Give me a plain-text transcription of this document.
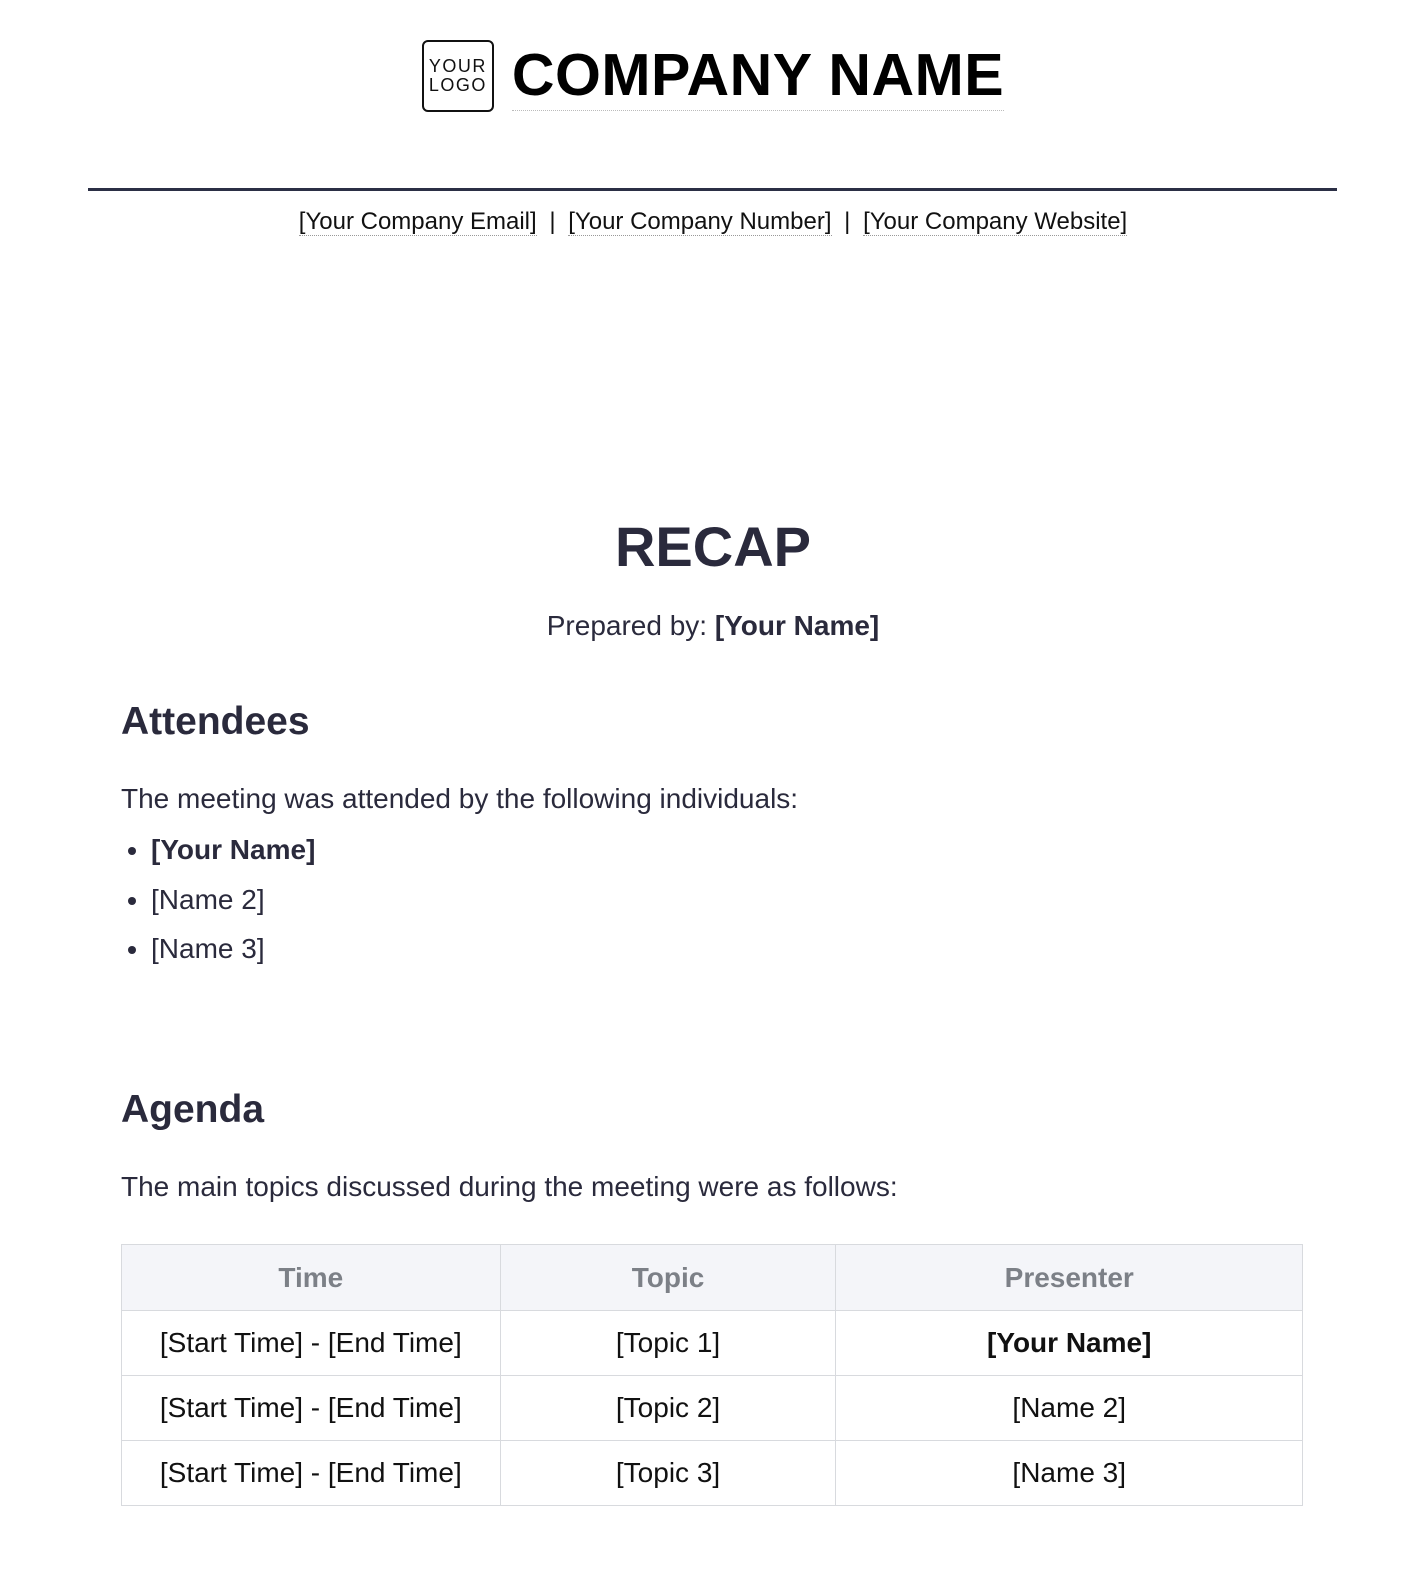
YOUR
LOGO COMPANY NAME
[Your Company Email] | [Your Company Number] | [Your Company Website]
RECAP
Prepared by: [Your Name]
Attendees
The meeting was attended by the following individuals:
• [Your Name]
• [Name 2]
• [Name 3]
Agenda
The main topics discussed during the meeting were as follows:
Time	Topic	Presenter
[Start Time] - [End Time]	[Topic 1]	[Your Name]
[Start Time] - [End Time]	[Topic 2]	[Name 2]
[Start Time] - [End Time]	[Topic 3]	[Name 3]
